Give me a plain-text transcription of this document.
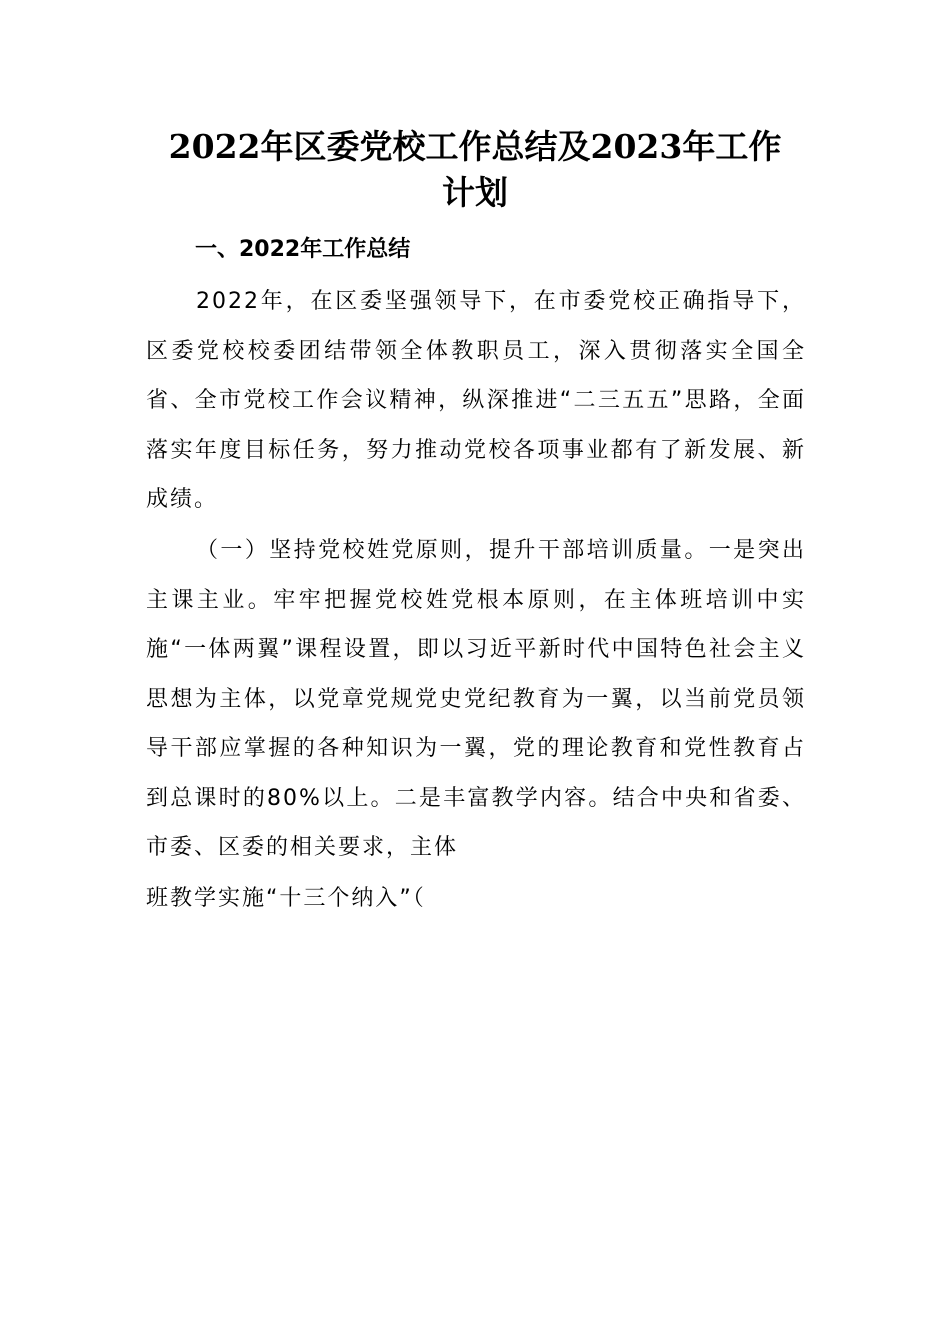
2022年区委党校工作总结及2023年工作
计划
一、2022年工作总结

2022年，在区委坚强领导下，在市委党校正确指导下，区委党校校委团结带领全体教职员工，深入贯彻落实全国全省、全市党校工作会议精神，纵深推进“二三五五”思路，全面落实年度目标任务，努力推动党校各项事业都有了新发展、新成绩。

（一）坚持党校姓党原则，提升干部培训质量。一是突出主课主业。牢牢把握党校姓党根本原则，在主体班培训中实施“一体两翼”课程设置，即以习近平新时代中国特色社会主义思想为主体，以党章党规党史党纪教育为一翼，以当前党员领导干部应掌握的各种知识为一翼，党的理论教育和党性教育占到总课时的80%以上。二是丰富教学内容。结合中央和省委、市委、区委的相关要求，主体

班教学实施“十三个纳入”（
